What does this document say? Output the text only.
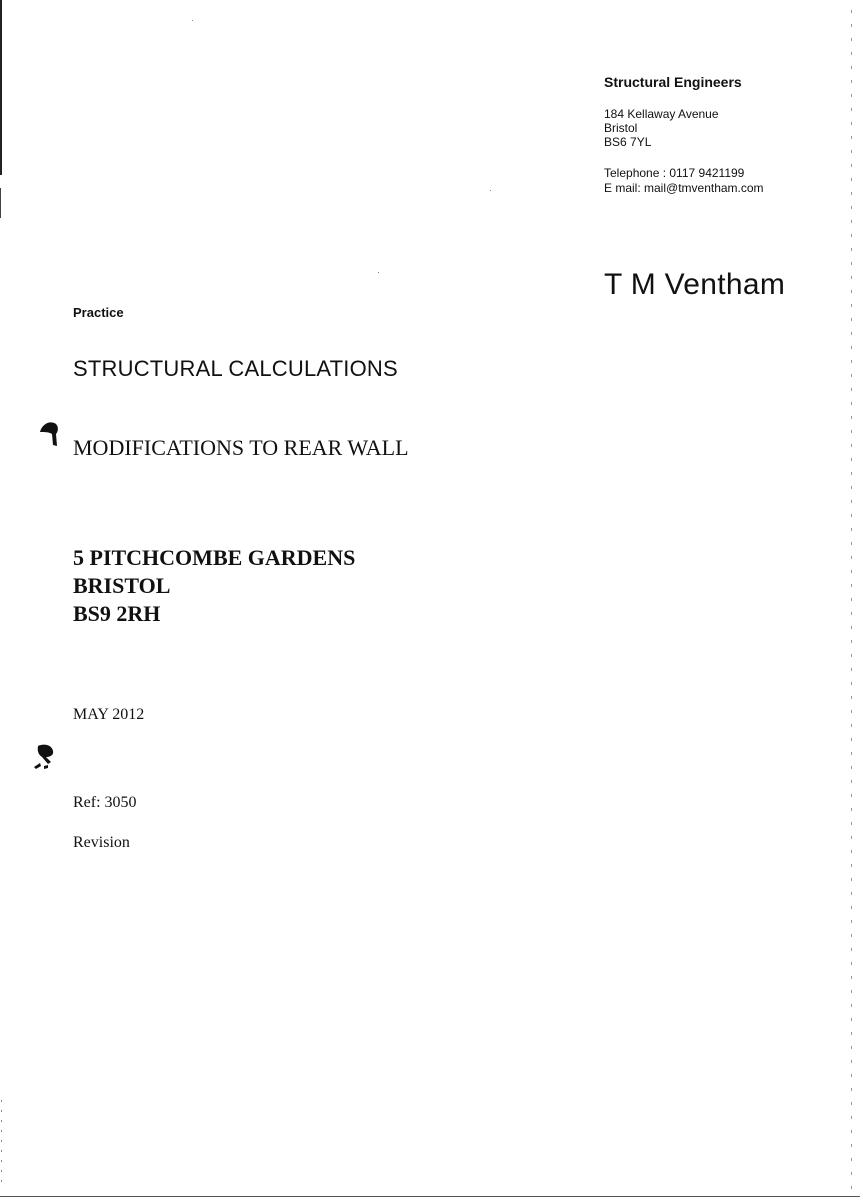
Structural Engineers
184 Kellaway Avenue
Bristol
BS6 7YL
Telephone : 0117 9421199
E mail: mail@tmventham.com
T M Ventham
Practice
STRUCTURAL CALCULATIONS
MODIFICATIONS TO REAR WALL
5 PITCHCOMBE GARDENS
BRISTOL
BS9 2RH
MAY 2012
Ref: 3050
Revision
